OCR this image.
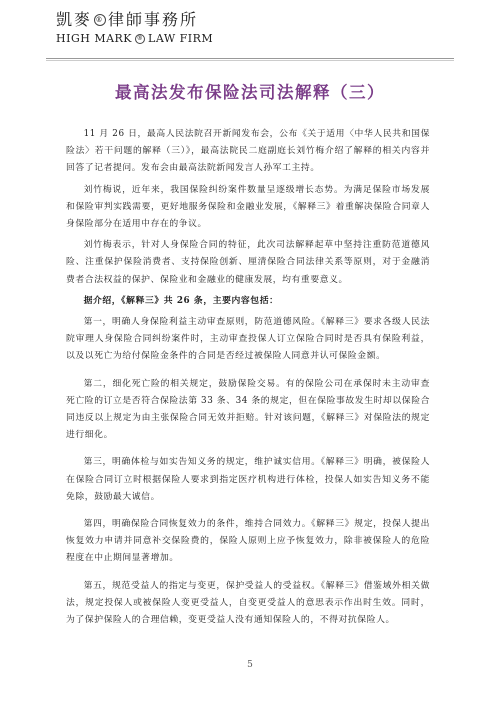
凱麥 ® 律師事務所
HIGH MARK ® LAW FIRM
最高法发布保险法司法解释（三）

11 月 26 日，最高人民法院召开新闻发布会，公布《关于适用〈中华人民共和国保险法〉若干问题的解释（三）》，最高法院民二庭副庭长刘竹梅介绍了解释的相关内容并回答了记者提问。发布会由最高法院新闻发言人孙军工主持。

刘竹梅说，近年来，我国保险纠纷案件数量呈逐级增长态势。为满足保险市场发展和保险审判实践需要，更好地服务保险和金融业发展，《解释三》着重解决保险合同章人身保险部分在适用中存在的争议。

刘竹梅表示，针对人身保险合同的特征，此次司法解释起草中坚持注重防范道德风险、注重保护保险消费者、支持保险创新、厘清保险合同法律关系等原则，对于金融消费者合法权益的保护、保险业和金融业的健康发展，均有重要意义。

据介绍，《解释三》共 26 条，主要内容包括：

第一，明确人身保险利益主动审查原则，防范道德风险。《解释三》要求各级人民法院审理人身保险合同纠纷案件时，主动审查投保人订立保险合同时是否具有保险利益，以及以死亡为给付保险金条件的合同是否经过被保险人同意并认可保险金额。

第二，细化死亡险的相关规定，鼓励保险交易。有的保险公司在承保时未主动审查死亡险的订立是否符合保险法第 33 条、34 条的规定，但在保险事故发生时却以保险合同违反以上规定为由主张保险合同无效并拒赔。针对该问题，《解释三》对保险法的规定进行细化。

第三，明确体检与如实告知义务的规定，维护诚实信用。《解释三》明确，被保险人在保险合同订立时根据保险人要求到指定医疗机构进行体检，投保人如实告知义务不能免除，鼓励最大诚信。

第四，明确保险合同恢复效力的条件，维持合同效力。《解释三》规定，投保人提出恢复效力申请并同意补交保险费的，保险人原则上应予恢复效力，除非被保险人的危险程度在中止期间显著增加。

第五，规范受益人的指定与变更，保护受益人的受益权。《解释三》借鉴域外相关做法，规定投保人或被保险人变更受益人，自变更受益人的意思表示作出时生效。同时，为了保护保险人的合理信赖，变更受益人没有通知保险人的，不得对抗保险人。

5
